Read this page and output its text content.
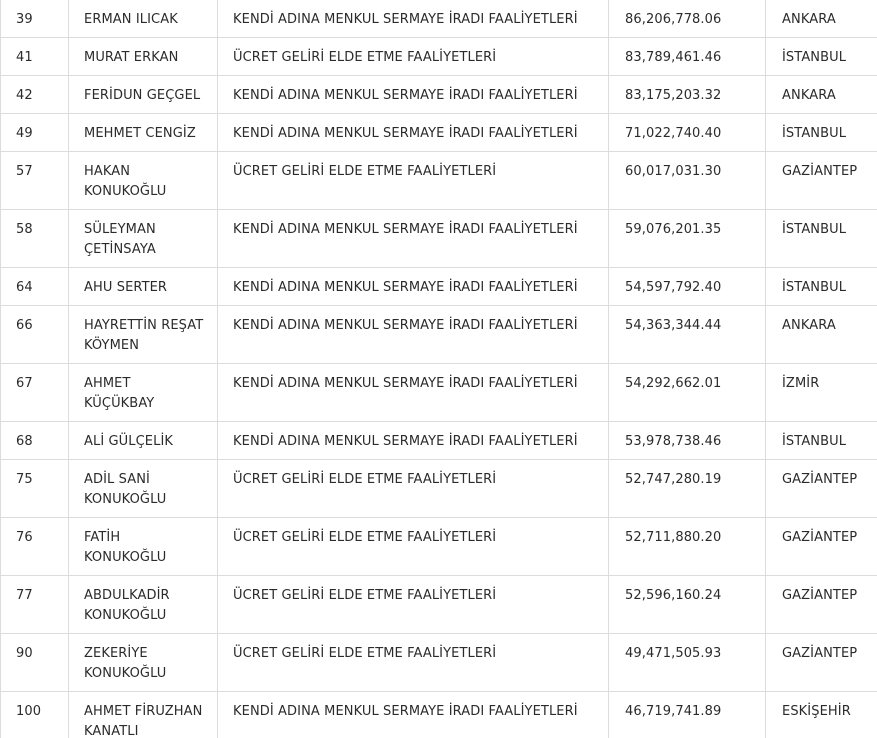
39	ERMAN ILICAK	KENDİ ADINA MENKUL SERMAYE İRADI FAALİYETLERİ	86,206,778.06	ANKARA
41	MURAT ERKAN	ÜCRET GELİRİ ELDE ETME FAALİYETLERİ	83,789,461.46	İSTANBUL
42	FERİDUN GEÇGEL	KENDİ ADINA MENKUL SERMAYE İRADI FAALİYETLERİ	83,175,203.32	ANKARA
49	MEHMET CENGİZ	KENDİ ADINA MENKUL SERMAYE İRADI FAALİYETLERİ	71,022,740.40	İSTANBUL
57	HAKAN KONUKOĞLU	ÜCRET GELİRİ ELDE ETME FAALİYETLERİ	60,017,031.30	GAZİANTEP
58	SÜLEYMAN ÇETİNSAYA	KENDİ ADINA MENKUL SERMAYE İRADI FAALİYETLERİ	59,076,201.35	İSTANBUL
64	AHU SERTER	KENDİ ADINA MENKUL SERMAYE İRADI FAALİYETLERİ	54,597,792.40	İSTANBUL
66	HAYRETTİN REŞAT KÖYMEN	KENDİ ADINA MENKUL SERMAYE İRADI FAALİYETLERİ	54,363,344.44	ANKARA
67	AHMET KÜÇÜKBAY	KENDİ ADINA MENKUL SERMAYE İRADI FAALİYETLERİ	54,292,662.01	İZMİR
68	ALİ GÜLÇELİK	KENDİ ADINA MENKUL SERMAYE İRADI FAALİYETLERİ	53,978,738.46	İSTANBUL
75	ADİL SANİ KONUKOĞLU	ÜCRET GELİRİ ELDE ETME FAALİYETLERİ	52,747,280.19	GAZİANTEP
76	FATİH KONUKOĞLU	ÜCRET GELİRİ ELDE ETME FAALİYETLERİ	52,711,880.20	GAZİANTEP
77	ABDULKADİR KONUKOĞLU	ÜCRET GELİRİ ELDE ETME FAALİYETLERİ	52,596,160.24	GAZİANTEP
90	ZEKERİYE KONUKOĞLU	ÜCRET GELİRİ ELDE ETME FAALİYETLERİ	49,471,505.93	GAZİANTEP
100	AHMET FİRUZHAN KANATLI	KENDİ ADINA MENKUL SERMAYE İRADI FAALİYETLERİ	46,719,741.89	ESKİŞEHİR
